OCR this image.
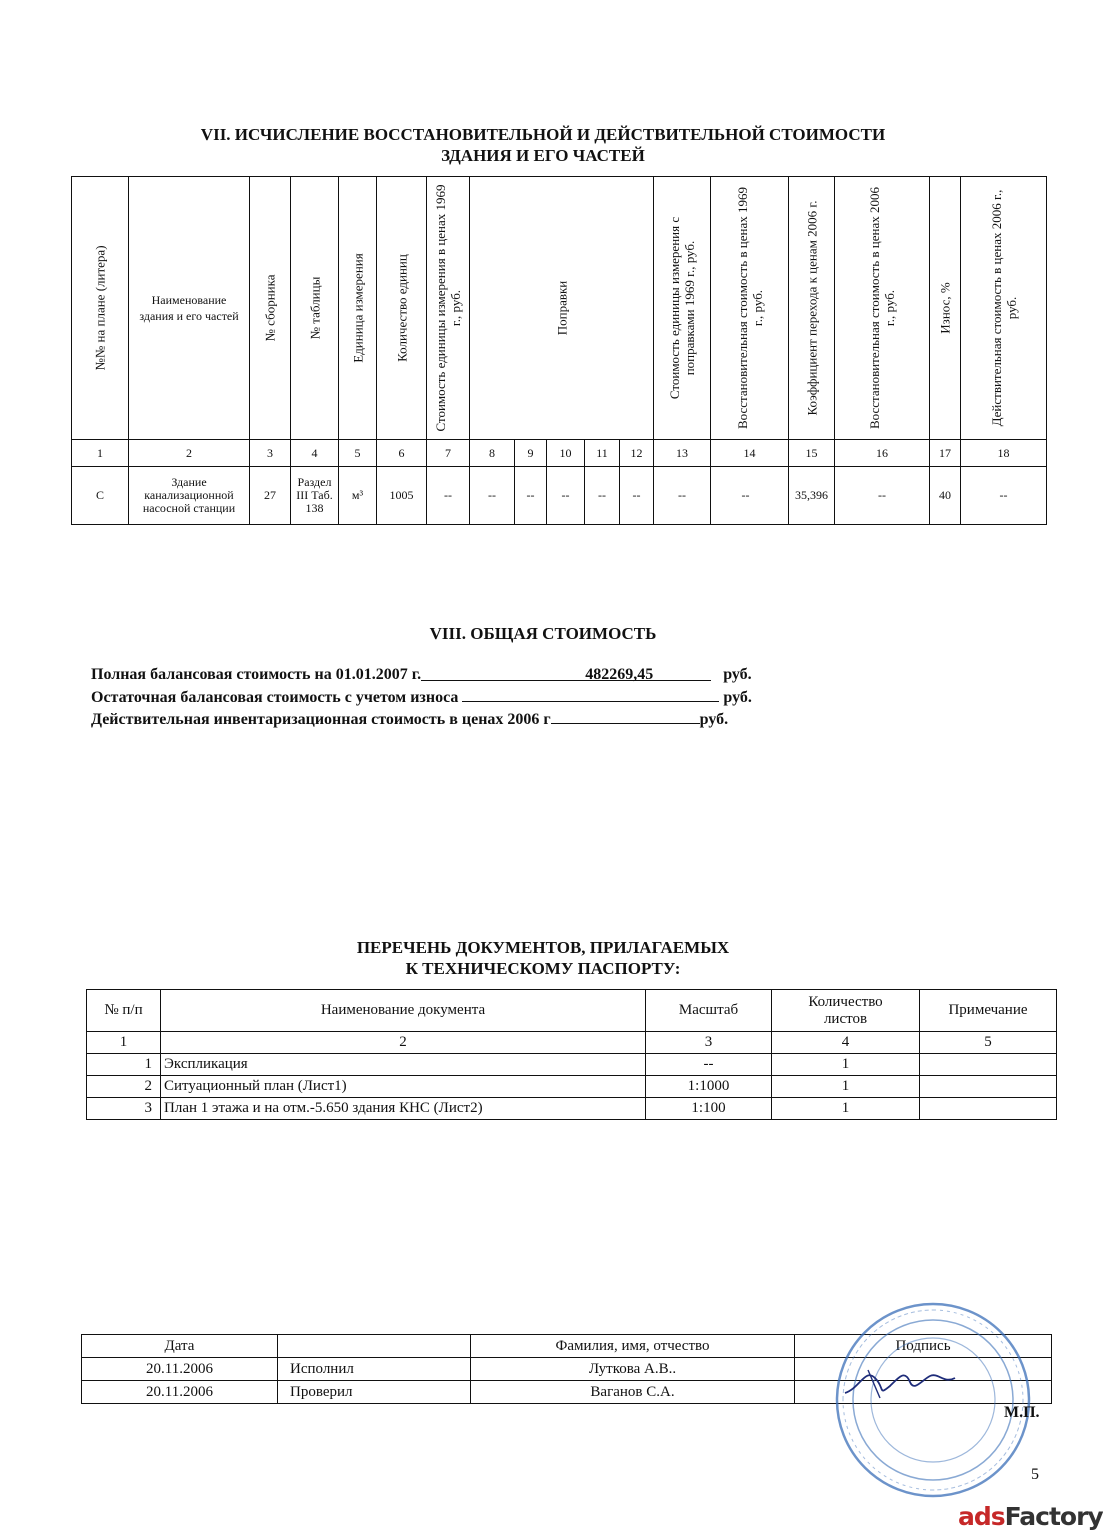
VII. ИСЧИСЛЕНИЕ ВОССТАНОВИТЕЛЬНОЙ И ДЕЙСТВИТЕЛЬНОЙ СТОИМОСТИ
ЗДАНИЯ И ЕГО ЧАСТЕЙ
№№ на плане (литера)	Наименование здания и его частей	№ сборника	№ таблицы	Единица измерения	Количество единиц	Стоимость единицы измерения в ценах 1969 г., руб.	Поправки					Стоимость единицы измерения с поправками 1969 г., руб.	Восстановительная стоимость в ценах 1969 г., руб.	Коэффициент перехода к ценам 2006 г.	Восстановительная стоимость в ценах 2006 г., руб.	Износ, %	Действительная стоимость в ценах 2006 г., руб.

1	2	3	4	5	6	7	8	9	10	11	12	13	14	15	16	17	18
С	Здание канализационной насосной станции	27	Раздел III Таб. 138	м³	1005	--	--	--	--	--	--	--	--	35,396	--	40	--
VIII. ОБЩАЯ СТОИМОСТЬ
Полная балансовая стоимость на 01.01.2007 г.	482269,45	руб.
Остаточная балансовая стоимость с учетом износа	руб.
Действительная инвентаризационная стоимость в ценах 2006 г	руб.
ПЕРЕЧЕНЬ ДОКУМЕНТОВ, ПРИЛАГАЕМЫХ
К ТЕХНИЧЕСКОМУ ПАСПОРТУ:
№ п/п	Наименование документа	Масштаб	Количество листов	Примечание
1	2	3	4	5
1	Экспликация	--	1	
2	Ситуационный план (Лист1)	1:1000	1	
3	План 1 этажа и на отм.-5.650 здания КНС (Лист2)	1:100	1	
Дата		Фамилия, имя, отчество	Подпись
20.11.2006	Исполнил	Луткова А.В..	
20.11.2006	Проверил	Ваганов С.А.	
М.П.
5
adsFactory
